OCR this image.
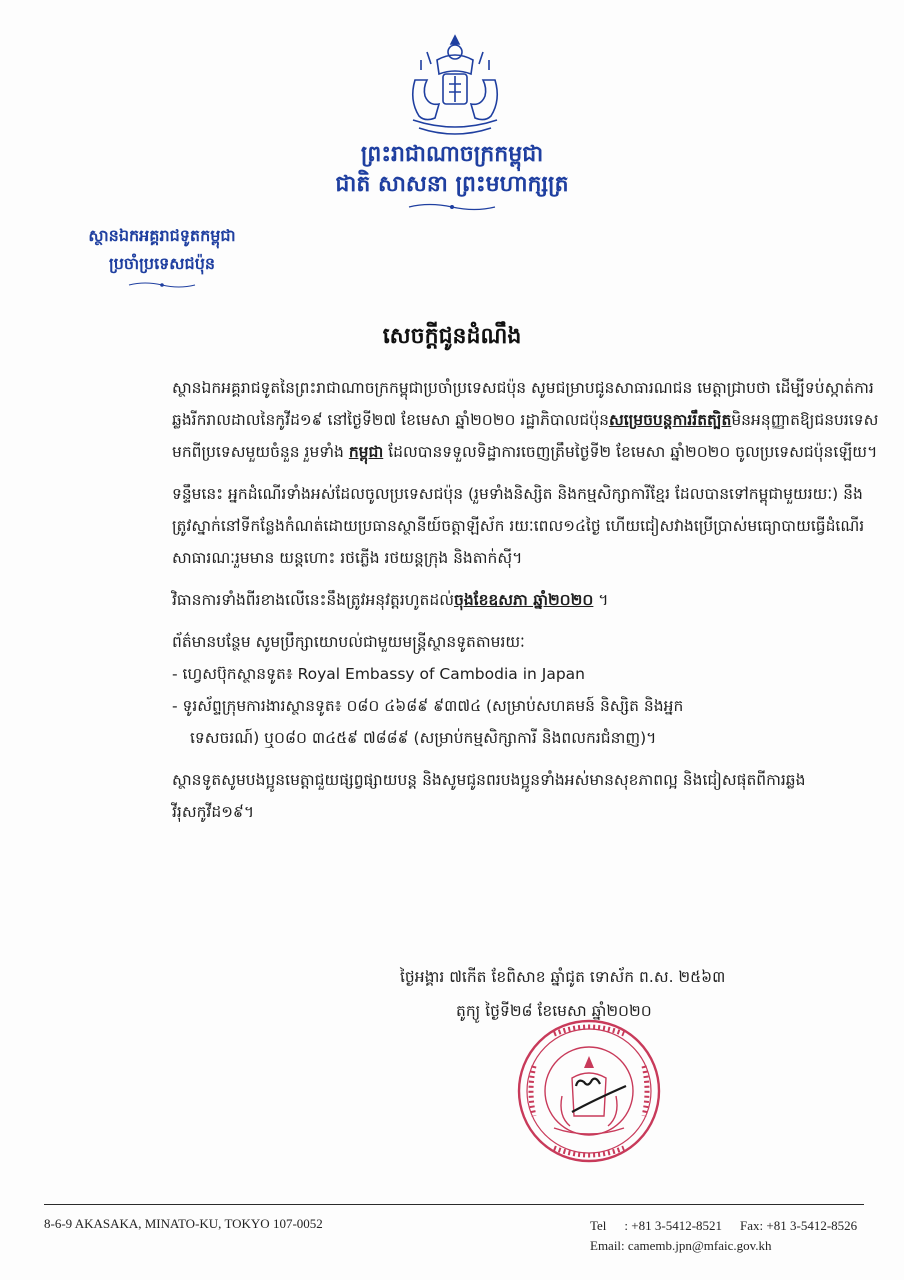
ព្រះរាជាណាចក្រកម្ពុជា
ជាតិ សាសនា ព្រះមហាក្សត្រ
ស្ថានឯកអគ្គរាជទូតកម្ពុជា
ប្រចាំប្រទេសជប៉ុន
សេចក្តីជូនដំណឹង

ស្ថានឯកអគ្គរាជទូតនៃព្រះរាជាណាចក្រកម្ពុជាប្រចាំប្រទេសជប៉ុន សូមជម្រាបជូនសាធារណជន មេត្តាជ្រាបថា ដើម្បីទប់ស្កាត់ការឆ្លងរីករាលដាលនៃកូវីដ១៩ នៅថ្ងៃទី២៧ ខែមេសា ឆ្នាំ២០២០ រដ្ឋាភិបាលជប៉ុនសម្រេចបន្តការរឹតត្បិតមិនអនុញ្ញាតឱ្យជនបរទេសមកពីប្រទេសមួយចំនួន រួមទាំង កម្ពុជា ដែលបានទទួលទិដ្ឋាការចេញត្រឹមថ្ងៃទី២ ខែមេសា ឆ្នាំ២០២០ ចូលប្រទេសជប៉ុនឡើយ។

ទន្ទឹមនេះ អ្នកដំណើរទាំងអស់ដែលចូលប្រទេសជប៉ុន (រួមទាំងនិស្សិត និងកម្មសិក្សាការីខ្មែរ ដែលបានទៅកម្ពុជាមួយរយៈ) នឹងត្រូវស្នាក់នៅទីកន្លែងកំណត់ដោយប្រធានស្ថានីយ៍ចត្តាឡីស័ក រយៈពេល១៤ថ្ងៃ ហើយជៀសវាងប្រើប្រាស់មធ្យោបាយធ្វើដំណើរសាធារណៈរួមមាន យន្តហោះ រថភ្លើង រថយន្តក្រុង និងតាក់ស៊ី។

វិធានការទាំងពីរខាងលើនេះនឹងត្រូវអនុវត្តរហូតដល់ចុងខែឧសភា ឆ្នាំ២០២០ ។

ព័ត៌មានបន្ថែម សូមប្រឹក្សាយោបល់ជាមួយមន្ត្រីស្ថានទូតតាមរយៈ

- ហ្វេសប៊ុកស្ថានទូត៖ Royal Embassy of Cambodia in Japan

- ទូរស័ព្ទក្រុមការងារស្ថានទូត៖ ០៨០ ៤៦៨៩ ៩៣៧៤ (សម្រាប់សហគមន៍ និស្សិត និងអ្នក

ទេសចរណ៍) ឬ០៨០ ៣៤៥៩ ៧៨៨៩ (សម្រាប់កម្មសិក្សាការី និងពលករជំនាញ)។

ស្ថានទូតសូមបងប្អូនមេត្តាជួយផ្សព្វផ្សាយបន្ត និងសូមជូនពរបងប្អូនទាំងអស់មានសុខភាពល្អ និងជៀសផុតពីការឆ្លងវីរុសកូវីដ១៩។

ថ្ងៃអង្គារ ៧កើត ខែពិសាខ ឆ្នាំជូត ទោស័ក ព.ស. ២៥៦៣
តូក្យូ ថ្ងៃទី២៨ ខែមេសា ឆ្នាំ២០២០
8-6-9 AKASAKA, MINATO-KU, TOKYO 107-0052	Tel : +81 3-5412-8521 Fax: +81 3-5412-8526
Email: camemb.jpn@mfaic.gov.kh
